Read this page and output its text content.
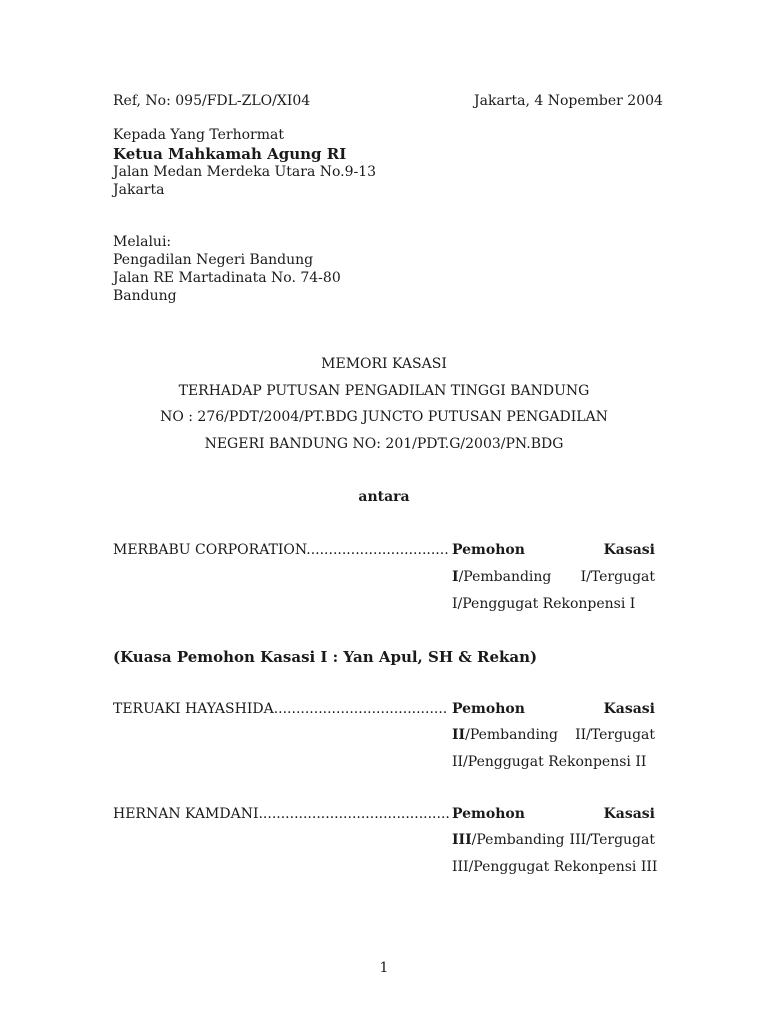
Ref, No: 095/FDL-ZLO/XI04	Jakarta, 4 Nopember 2004
Kepada Yang Terhormat
Ketua Mahkamah Agung RI
Jalan Medan Merdeka Utara No.9-13
Jakarta
Melalui:
Pengadilan Negeri Bandung
Jalan RE Martadinata No. 74-80
Bandung
MEMORI KASASI
TERHADAP PUTUSAN PENGADILAN TINGGI BANDUNG
NO : 276/PDT/2004/PT.BDG JUNCTO PUTUSAN PENGADILAN
NEGERI BANDUNG NO: 201/PDT.G/2003/PN.BDG
antara
MERBABU CORPORATION................................ Pemohon	Kasasi
I/Pembanding I/Tergugat
I/Penggugat Rekonpensi I
(Kuasa Pemohon Kasasi I : Yan Apul, SH & Rekan)
TERUAKI HAYASHIDA....................................... Pemohon	Kasasi
II/Pembanding II/Tergugat
II/Penggugat Rekonpensi II
HERNAN KAMDANI........................................... Pemohon	Kasasi
III/Pembanding III/Tergugat
III/Penggugat Rekonpensi III
1
